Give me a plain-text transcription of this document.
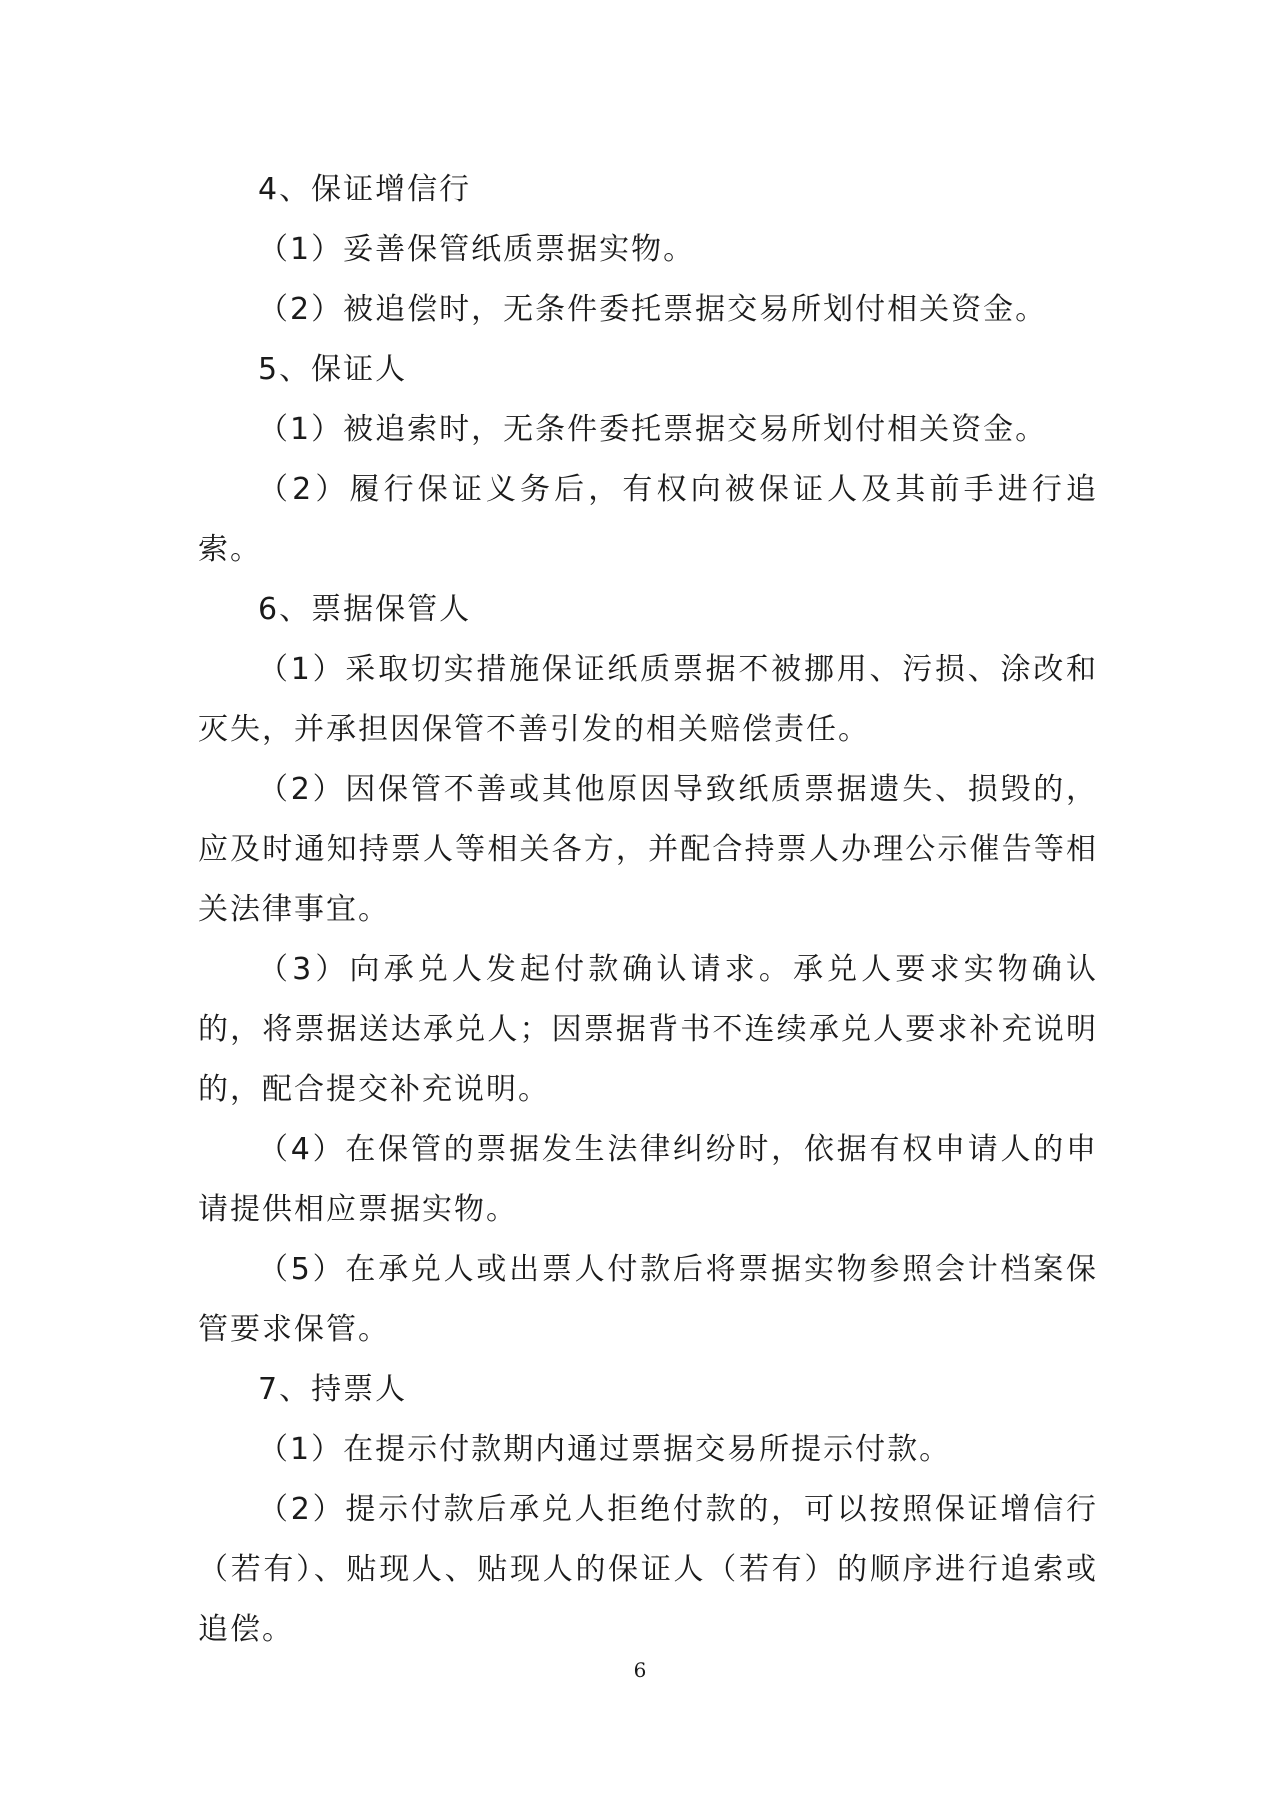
4、保证增信行

（1）妥善保管纸质票据实物。

（2）被追偿时，无条件委托票据交易所划付相关资金。

5、保证人

（1）被追索时，无条件委托票据交易所划付相关资金。

（2）履行保证义务后，有权向被保证人及其前手进行追索。

6、票据保管人

（1）采取切实措施保证纸质票据不被挪用、污损、涂改和灭失，并承担因保管不善引发的相关赔偿责任。

（2）因保管不善或其他原因导致纸质票据遗失、损毁的，应及时通知持票人等相关各方，并配合持票人办理公示催告等相关法律事宜。

（3）向承兑人发起付款确认请求。承兑人要求实物确认的，将票据送达承兑人；因票据背书不连续承兑人要求补充说明的，配合提交补充说明。

（4）在保管的票据发生法律纠纷时，依据有权申请人的申请提供相应票据实物。

（5）在承兑人或出票人付款后将票据实物参照会计档案保管要求保管。

7、持票人

（1）在提示付款期内通过票据交易所提示付款。

（2）提示付款后承兑人拒绝付款的，可以按照保证增信行（若有）、贴现人、贴现人的保证人（若有）的顺序进行追索或追偿。

6
